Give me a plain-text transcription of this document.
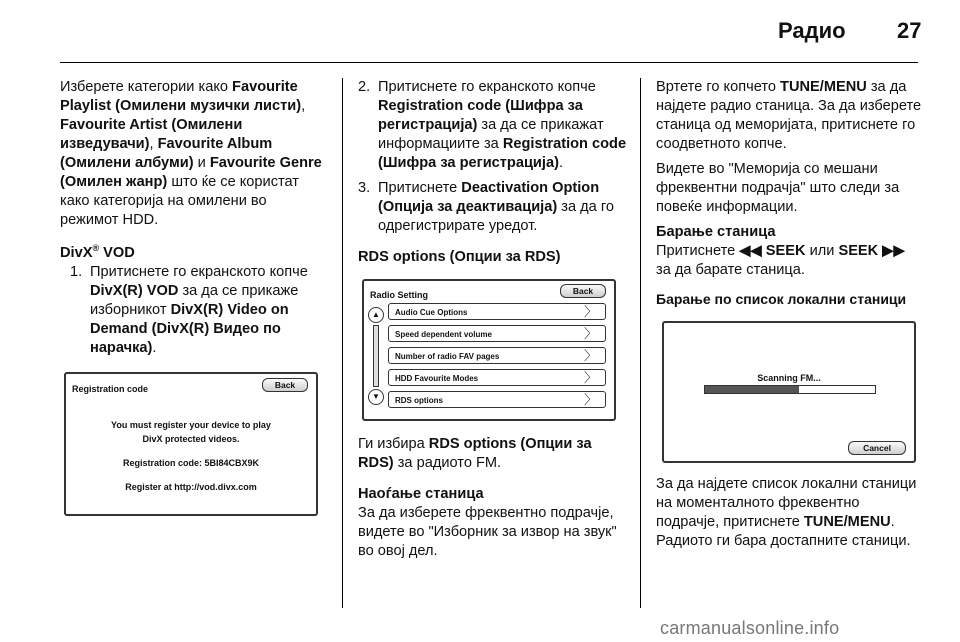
Радио 27

Изберете категории како Favourite Playlist (Омилени музички листи), Favourite Artist (Омилени изведувачи), Favourite Album (Омилени албуми) и Favourite Genre (Омилен жанр) што ќе се користат како категорија на омилени во режимот HDD.

DivX® VOD

1. Притиснете го екранското копче DivX(R) VOD за да се прикаже изборникот DivX(R) Video on Demand (DivX(R) Видео по нарачка).
Registration code	Back
You must register your device to play
DivX protected videos.
Registration code: 5BI84CBX9K
Register at http://vod.divx.com
2. Притиснете го екранското копче Registration code (Шифра за регистрација) за да се прикажат информациите за Registration code (Шифра за регистрација).
3. Притиснете Deactivation Option (Опција за деактивација) за да го одрегистрирате уредот.

RDS options (Опции за RDS)

Radio Setting	Back
▲
▼
Audio Cue Options	〉
Speed dependent volume	〉
Number of radio FAV pages	〉
HDD Favourite Modes	〉
RDS options	〉

Ги избира RDS options (Опции за RDS) за радиото FM.

Наоѓање станица

За да изберете фреквентно подрачје, видете во "Изборник за извор на звук" во овој дел.

Вртете го копчето TUNE/MENU за да најдете радио станица. За да изберете станица од меморијата, притиснете го соодветното копче.

Видете во "Меморија со мешани фреквентни подрачја" што следи за повеќе информации.

Барање станица

Притиснете ◀◀ SEEK или SEEK ▶▶ за да барате станица.

Барање по список локални станици

Scanning FM...
Cancel

За да најдете список локални станици на моменталното фреквентно подрачје, притиснете TUNE/MENU. Радиото ги бара достапните станици.

carmanualsonline.info
